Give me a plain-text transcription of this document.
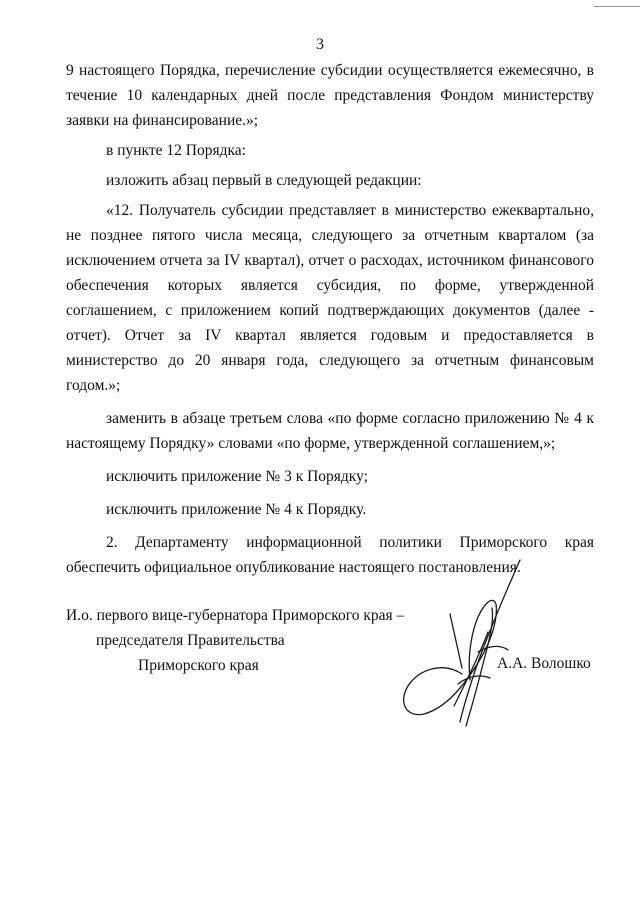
3

9 настоящего Порядка, перечисление субсидии осуществляется ежемесячно, в течение 10 календарных дней после представления Фондом министерству заявки на финансирование.»;

в пункте 12 Порядка:

изложить абзац первый в следующей редакции:

«12. Получатель субсидии представляет в министерство ежеквартально, не позднее пятого числа месяца, следующего за отчетным кварталом (за исключением отчета за IV квартал), отчет о расходах, источником финансового обеспечения которых является субсидия, по форме, утвержденной соглашением, с приложением копий подтверждающих документов (далее - отчет). Отчет за IV квартал является годовым и предоставляется в министерство до 20 января года, следующего за отчетным финансовым годом.»;

заменить в абзаце третьем слова «по форме согласно приложению № 4 к настоящему Порядку» словами «по форме, утвержденной соглашением,»;

исключить приложение № 3 к Порядку;

исключить приложение № 4 к Порядку.

2. Департаменту информационной политики Приморского края обеспечить официальное опубликование настоящего постановления.

И.о. первого вице-губернатора Приморского края –
председателя Правительства
Приморского края	А.А. Волошко
